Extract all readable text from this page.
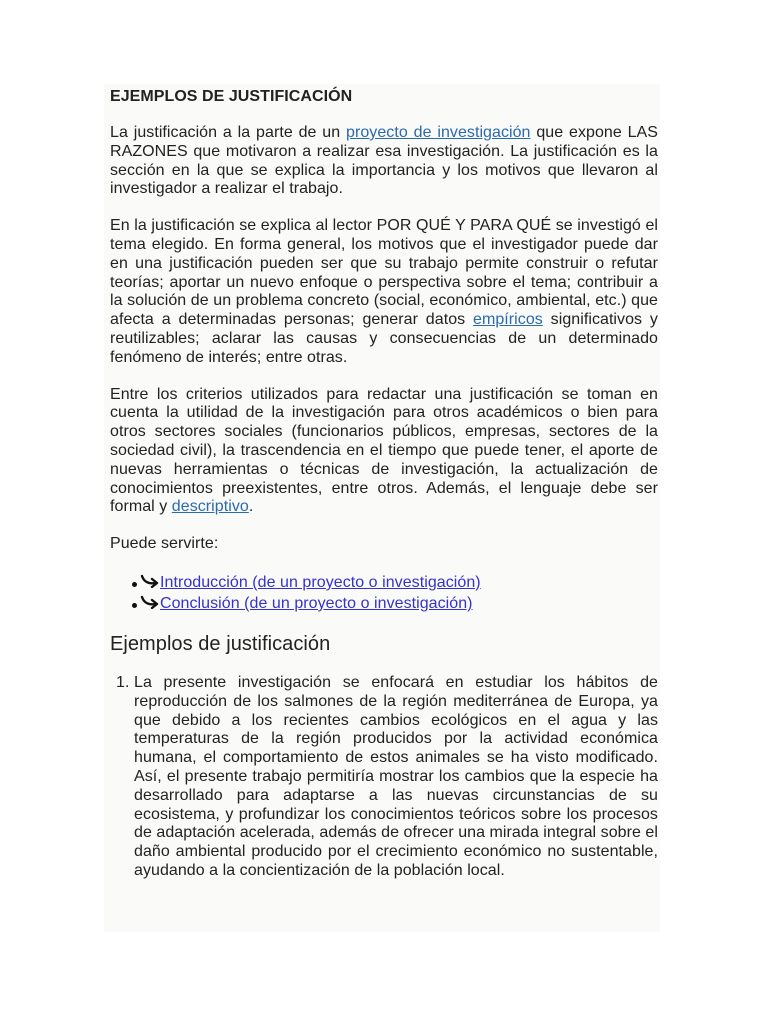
EJEMPLOS DE JUSTIFICACIÓN

La justificación a la parte de un proyecto de investigación que expone LAS RAZONES que motivaron a realizar esa investigación. La justificación es la sección en la que se explica la importancia y los motivos que llevaron al investigador a realizar el trabajo.

En la justificación se explica al lector POR QUÉ Y PARA QUÉ se investigó el tema elegido. En forma general, los motivos que el investigador puede dar en una justificación pueden ser que su trabajo permite construir o refutar teorías; aportar un nuevo enfoque o perspectiva sobre el tema; contribuir a la solución de un problema concreto (social, económico, ambiental, etc.) que afecta a determinadas personas; generar datos empíricos significativos y reutilizables; aclarar las causas y consecuencias de un determinado fenómeno de interés; entre otras.

Entre los criterios utilizados para redactar una justificación se toman en cuenta la utilidad de la investigación para otros académicos o bien para otros sectores sociales (funcionarios públicos, empresas, sectores de la sociedad civil), la trascendencia en el tiempo que puede tener, el aporte de nuevas herramientas o técnicas de investigación, la actualización de conocimientos preexistentes, entre otros. Además, el lenguaje debe ser formal y descriptivo.

Puede servirte:

Introducción (de un proyecto o investigación)
Conclusión (de un proyecto o investigación)
Ejemplos de justificación
1. La presente investigación se enfocará en estudiar los hábitos de reproducción de los salmones de la región mediterránea de Europa, ya que debido a los recientes cambios ecológicos en el agua y las temperaturas de la región producidos por la actividad económica humana, el comportamiento de estos animales se ha visto modificado. Así, el presente trabajo permitiría mostrar los cambios que la especie ha desarrollado para adaptarse a las nuevas circunstancias de su ecosistema, y profundizar los conocimientos teóricos sobre los procesos de adaptación acelerada, además de ofrecer una mirada integral sobre el daño ambiental producido por el crecimiento económico no sustentable, ayudando a la concientización de la población local.
